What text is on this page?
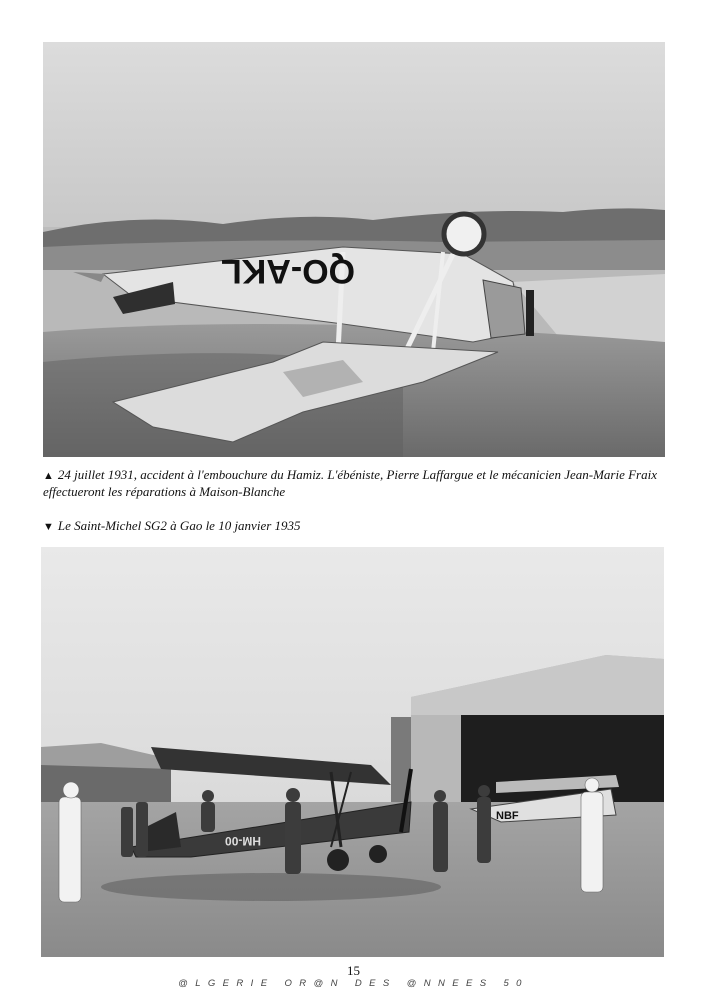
QO-AKL
▲ 24 juillet 1931, accident à l'embouchure du Hamiz. L'ébéniste, Pierre Laffargue et le mécanicien Jean-Marie Fraix effectueront les réparations à Maison-Blanche
▼ Le Saint-Michel SG2 à Gao le 10 janvier 1935
NBF
HM-00
15
@LGERIE OR@N DES @NNEES 50
